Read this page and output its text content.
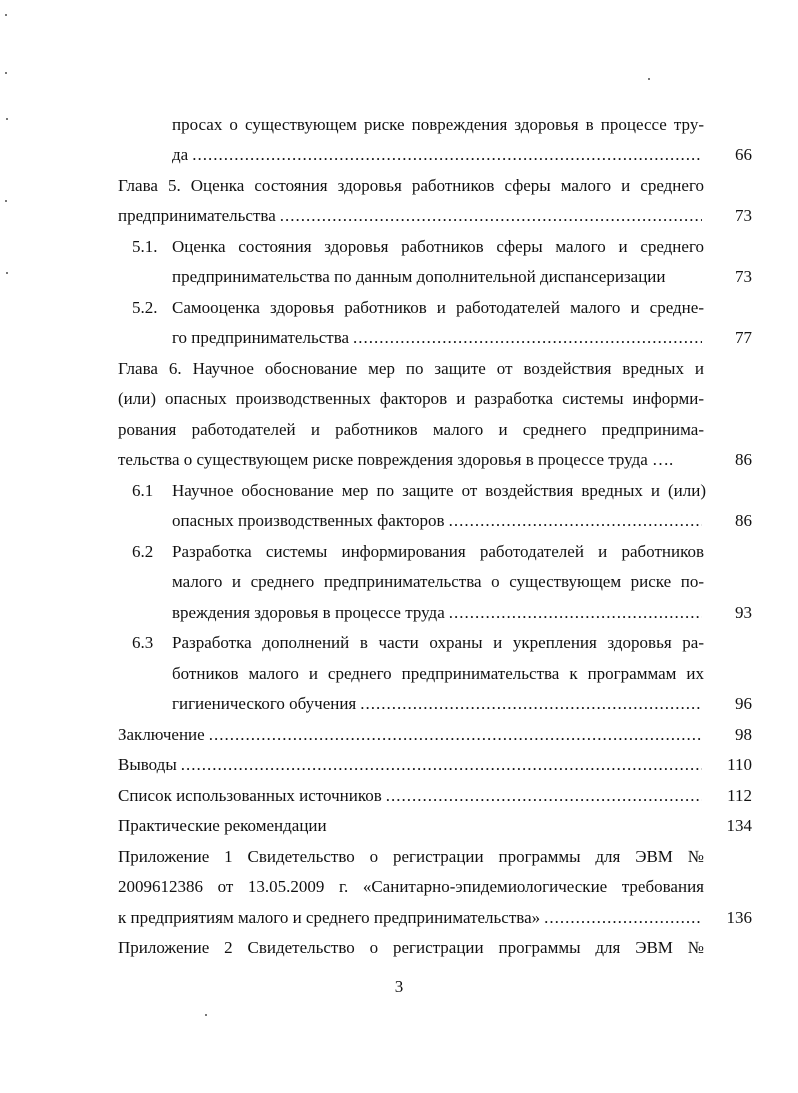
просах о существующем риске повреждения здоровья в процессе тру-
да .....	66
Глава 5. Оценка состояния здоровья работников сферы малого и среднего
предпринимательства .....	73
5.1. Оценка состояния здоровья работников сферы малого и среднего
предпринимательства по данным дополнительной диспансеризации	73
5.2. Самооценка здоровья работников и работодателей малого и средне-
го предпринимательства .....	77
Глава 6. Научное обоснование мер по защите от воздействия вредных и
(или) опасных производственных факторов и разработка системы информи-
рования работодателей и работников малого и среднего предпринима-
тельства о существующем риске повреждения здоровья в процессе труда ….	86
6.1 Научное обоснование мер по защите от воздействия вредных и (или)
опасных производственных факторов .....	86
6.2 Разработка системы информирования работодателей и работников
малого и среднего предпринимательства о существующем риске по-
вреждения здоровья в процессе труда .....	93
6.3 Разработка дополнений в части охраны и укрепления здоровья ра-
ботников малого и среднего предпринимательства к программам их
гигиенического обучения .....	96
Заключение .....	98
Выводы .....	110
Список использованных источников .....	112
Практические рекомендации	134
Приложение 1 Свидетельство о регистрации программы для ЭВМ №
2009612386 от 13.05.2009 г. «Санитарно-эпидемиологические требования
к предприятиям малого и среднего предпринимательства» .....	136
Приложение 2 Свидетельство о регистрации программы для ЭВМ №
3
